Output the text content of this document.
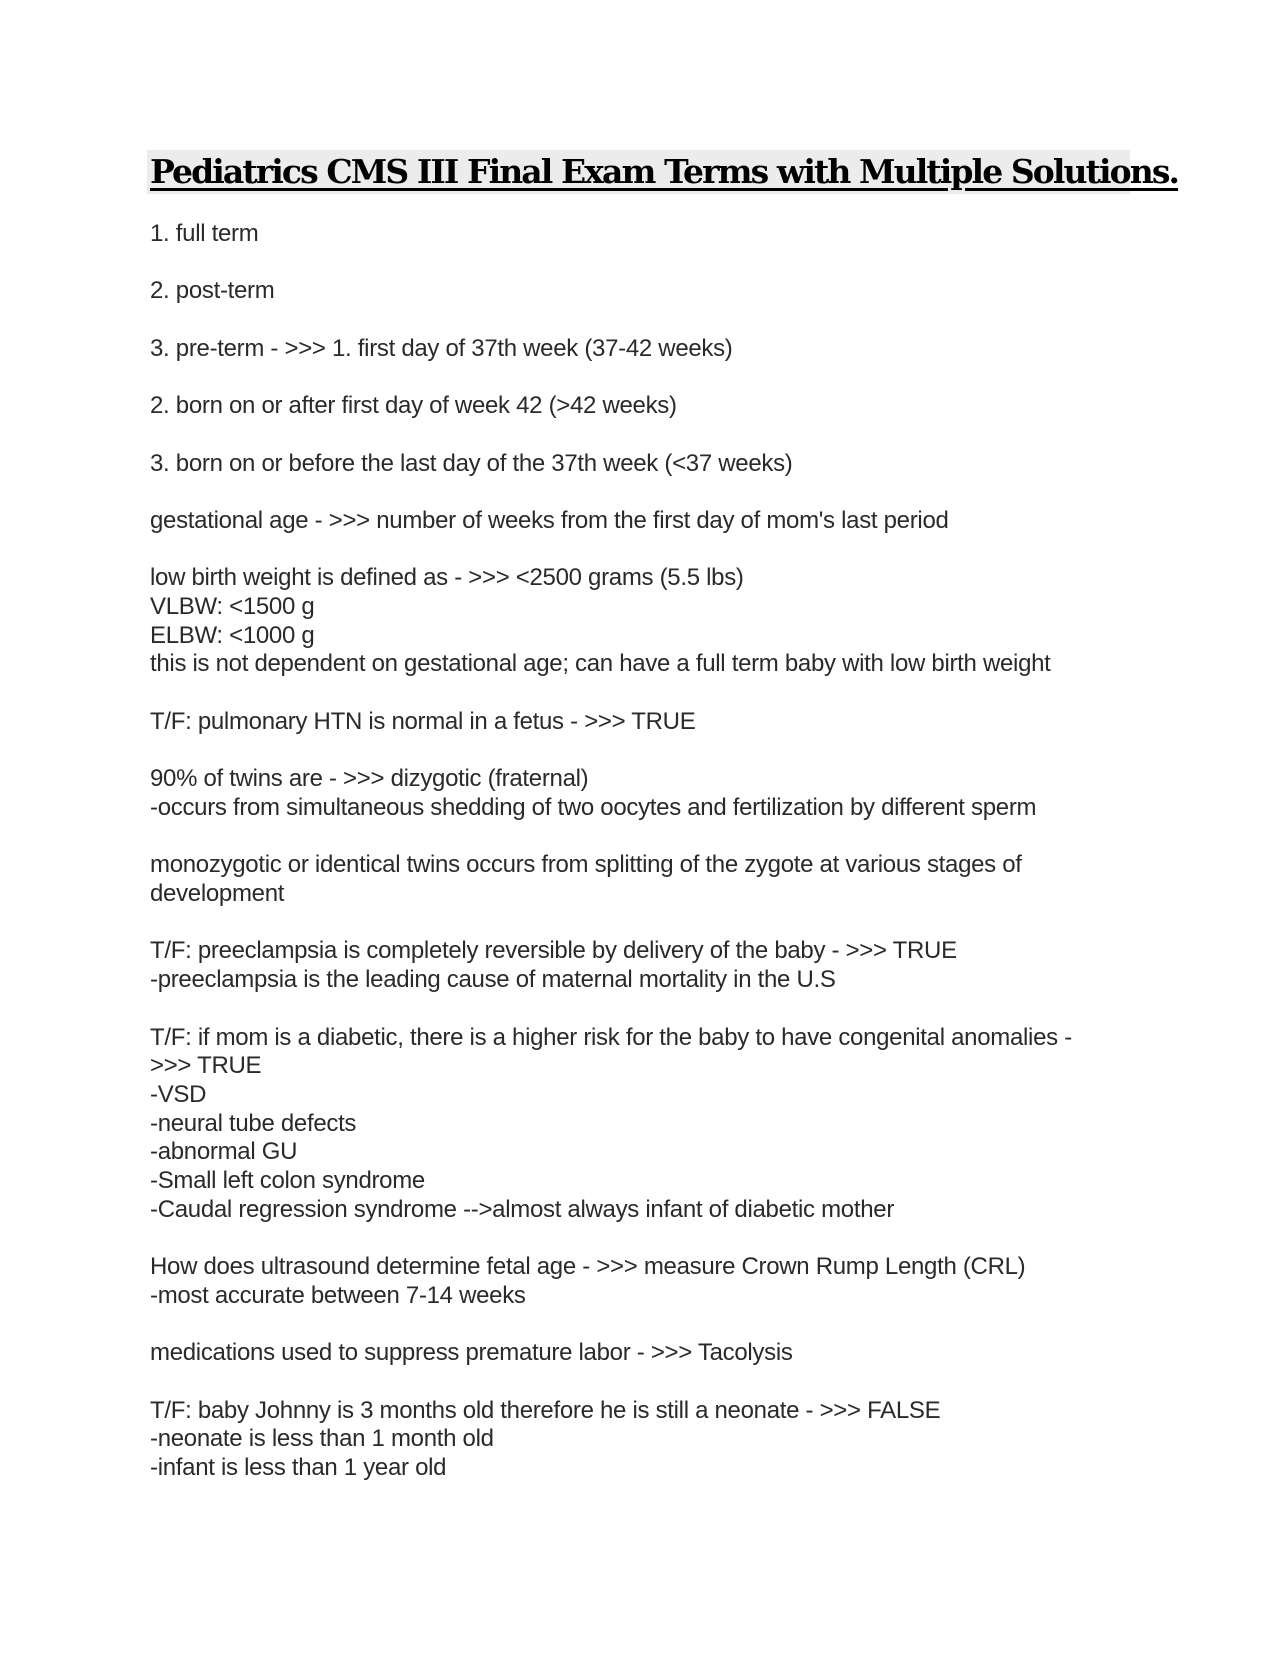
Pediatrics CMS III Final Exam Terms with Multiple Solutions.
1. full term
2. post-term
3. pre-term - >>> 1. first day of 37th week (37-42 weeks)
2. born on or after first day of week 42 (>42 weeks)
3. born on or before the last day of the 37th week (<37 weeks)
gestational age - >>> number of weeks from the first day of mom's last period
low birth weight is defined as - >>> <2500 grams (5.5 lbs)
VLBW: <1500 g
ELBW: <1000 g
this is not dependent on gestational age; can have a full term baby with low birth weight
T/F: pulmonary HTN is normal in a fetus - >>> TRUE
90% of twins are - >>> dizygotic (fraternal)
-occurs from simultaneous shedding of two oocytes and fertilization by different sperm
monozygotic or identical twins occurs from splitting of the zygote at various stages of
development
T/F: preeclampsia is completely reversible by delivery of the baby - >>> TRUE
-preeclampsia is the leading cause of maternal mortality in the U.S
T/F: if mom is a diabetic, there is a higher risk for the baby to have congenital anomalies -
>>> TRUE
-VSD
-neural tube defects
-abnormal GU
-Small left colon syndrome
-Caudal regression syndrome -->almost always infant of diabetic mother
How does ultrasound determine fetal age - >>> measure Crown Rump Length (CRL)
-most accurate between 7-14 weeks
medications used to suppress premature labor - >>> Tacolysis
T/F: baby Johnny is 3 months old therefore he is still a neonate - >>> FALSE
-neonate is less than 1 month old
-infant is less than 1 year old
